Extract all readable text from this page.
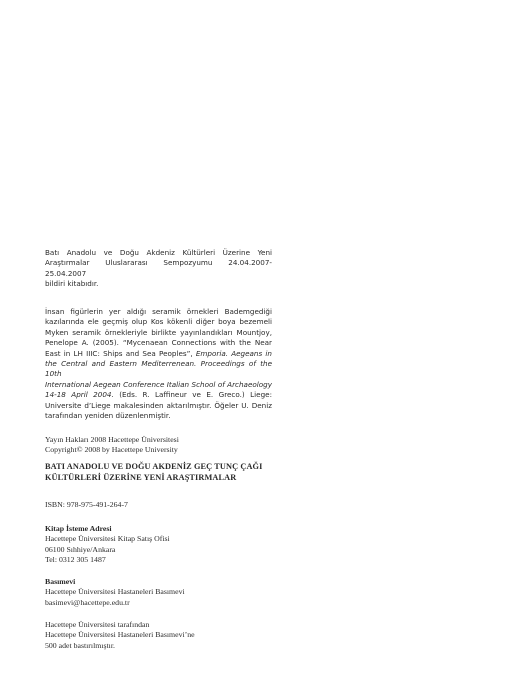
Batı Anadolu ve Doğu Akdeniz Kültürleri Üzerine Yeni
Araştırmalar Uluslararası Sempozyumu 24.04.2007- 25.04.2007
bildiri kitabıdır.
İnsan figürlerin yer aldığı seramik örnekleri Bademgediği
kazılarında ele geçmiş olup Kos kökenli diğer boya bezemeli
Myken seramik örnekleriyle birlikte yayınlandıkları Mountjoy,
Penelope A. (2005). “Mycenaean Connections with the Near
East in LH IIIC: Ships and Sea Peoples”, Emporia. Aegeans in
the Central and Eastern Mediterrenean. Proceedings of the 10th
International Aegean Conference Italian School of Archaeology
14-18 April 2004. (Eds. R. Laffineur ve E. Greco.) Liege:
Universite d’Liege makalesinden aktarılmıştır. Öğeler U. Deniz
tarafından yeniden düzenlenmiştir.
Yayın Hakları 2008 Hacettepe Üniversitesi
Copyright© 2008 by Hacettepe University
BATI ANADOLU VE DOĞU AKDENİZ GEÇ TUNÇ ÇAĞI
KÜLTÜRLERİ ÜZERİNE YENİ ARAŞTIRMALAR
ISBN: 978-975-491-264-7
Kitap İsteme Adresi
Hacettepe Üniversitesi Kitap Satış Ofisi
06100 Sıhhiye/Ankara
Tel: 0312 305 1487
Basımevi
Hacettepe Üniversitesi Hastaneleri Basımevi
basimevi@hacettepe.edu.tr
Hacettepe Üniversitesi tarafından
Hacettepe Üniversitesi Hastaneleri Basımevi’ne
500 adet bastırılmıştır.
